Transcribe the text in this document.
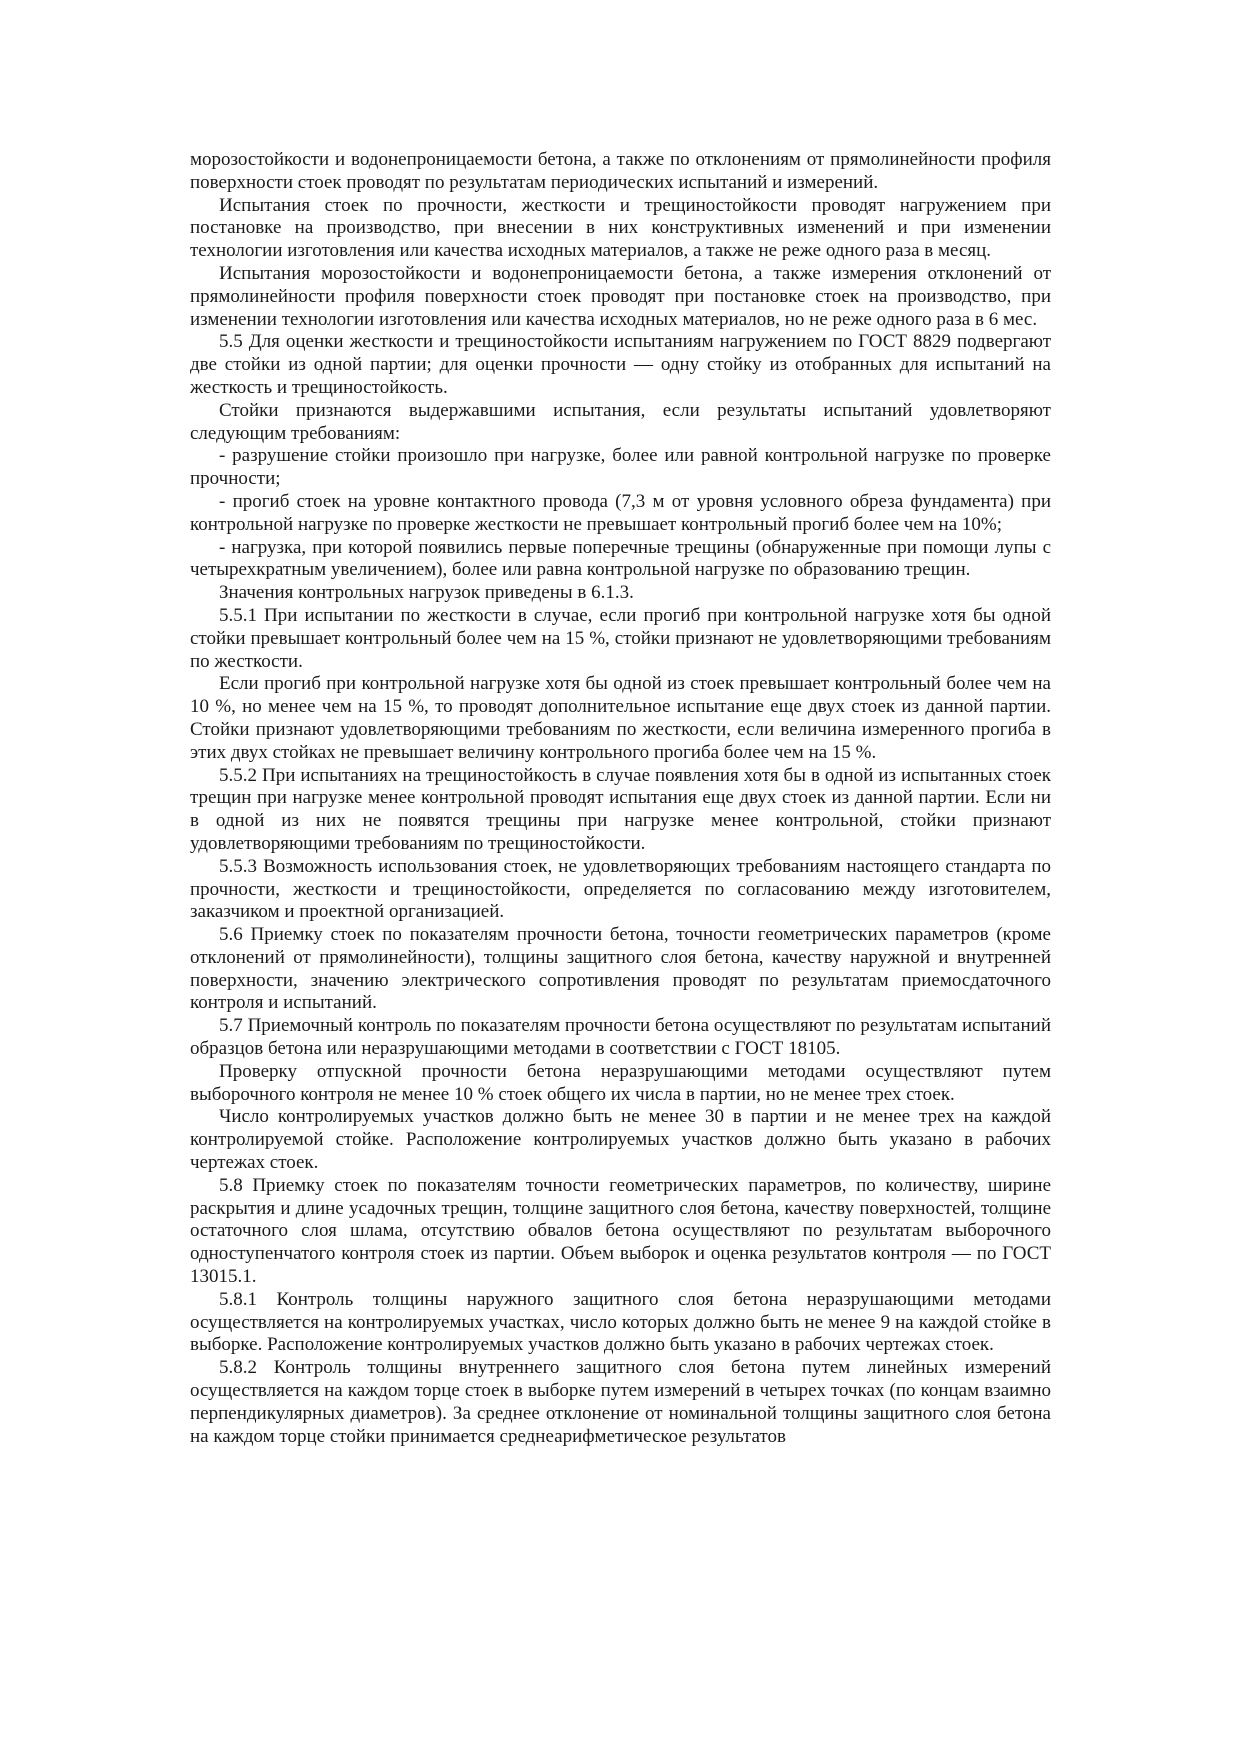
морозостойкости и водонепроницаемости бетона, а также по отклонениям от прямолинейности профиля поверхности стоек проводят по результатам периодических испытаний и измерений.

Испытания стоек по прочности, жесткости и трещиностойкости проводят нагружением при постановке на производство, при внесении в них конструктивных изменений и при изменении технологии изготовления или качества исходных материалов, а также не реже одного раза в месяц.

Испытания морозостойкости и водонепроницаемости бетона, а также измерения отклонений от прямолинейности профиля поверхности стоек проводят при постановке стоек на производство, при изменении технологии изготовления или качества исходных материалов, но не реже одного раза в 6 мес.

5.5 Для оценки жесткости и трещиностойкости испытаниям нагружением по ГОСТ 8829 подвергают две стойки из одной партии; для оценки прочности — одну стойку из отобранных для испытаний на жесткость и трещиностойкость.

Стойки признаются выдержавшими испытания, если результаты испытаний удовлетворяют следующим требованиям:

- разрушение стойки произошло при нагрузке, более или равной контрольной нагрузке по проверке прочности;

- прогиб стоек на уровне контактного провода (7,3 м от уровня условного обреза фундамента) при контрольной нагрузке по проверке жесткости не превышает контрольный прогиб более чем на 10%;

- нагрузка, при которой появились первые поперечные трещины (обнаруженные при помощи лупы с четырехкратным увеличением), более или равна контрольной нагрузке по образованию трещин.

Значения контрольных нагрузок приведены в 6.1.3.

5.5.1 При испытании по жесткости в случае, если прогиб при контрольной нагрузке хотя бы одной стойки превышает контрольный более чем на 15 %, стойки признают не удовлетворяющими требованиям по жесткости.

Если прогиб при контрольной нагрузке хотя бы одной из стоек превышает контрольный более чем на 10 %, но менее чем на 15 %, то проводят дополнительное испытание еще двух стоек из данной партии. Стойки признают удовлетворяющими требованиям по жесткости, если величина измеренного прогиба в этих двух стойках не превышает величину контрольного прогиба более чем на 15 %.

5.5.2 При испытаниях на трещиностойкость в случае появления хотя бы в одной из испытанных стоек трещин при нагрузке менее контрольной проводят испытания еще двух стоек из данной партии. Если ни в одной из них не появятся трещины при нагрузке менее контрольной, стойки признают удовлетворяющими требованиям по трещиностойкости.

5.5.3 Возможность использования стоек, не удовлетворяющих требованиям настоящего стандарта по прочности, жесткости и трещиностойкости, определяется по согласованию между изготовителем, заказчиком и проектной организацией.

5.6 Приемку стоек по показателям прочности бетона, точности геометрических параметров (кроме отклонений от прямолинейности), толщины защитного слоя бетона, качеству наружной и внутренней поверхности, значению электрического сопротивления проводят по результатам приемосдаточного контроля и испытаний.

5.7 Приемочный контроль по показателям прочности бетона осуществляют по результатам испытаний образцов бетона или неразрушающими методами в соответствии с ГОСТ 18105.

Проверку отпускной прочности бетона неразрушающими методами осуществляют путем выборочного контроля не менее 10 % стоек общего их числа в партии, но не менее трех стоек.

Число контролируемых участков должно быть не менее 30 в партии и не менее трех на каждой контролируемой стойке. Расположение контролируемых участков должно быть указано в рабочих чертежах стоек.

5.8 Приемку стоек по показателям точности геометрических параметров, по количеству, ширине раскрытия и длине усадочных трещин, толщине защитного слоя бетона, качеству поверхностей, толщине остаточного слоя шлама, отсутствию обвалов бетона осуществляют по результатам выборочного одноступенчатого контроля стоек из партии. Объем выборок и оценка результатов контроля — по ГОСТ 13015.1.

5.8.1 Контроль толщины наружного защитного слоя бетона неразрушающими методами осуществляется на контролируемых участках, число которых должно быть не менее 9 на каждой стойке в выборке. Расположение контролируемых участков должно быть указано в рабочих чертежах стоек.

5.8.2 Контроль толщины внутреннего защитного слоя бетона путем линейных измерений осуществляется на каждом торце стоек в выборке путем измерений в четырех точках (по концам взаимно перпендикулярных диаметров). За среднее отклонение от номинальной толщины защитного слоя бетона на каждом торце стойки принимается среднеарифметическое результатов
